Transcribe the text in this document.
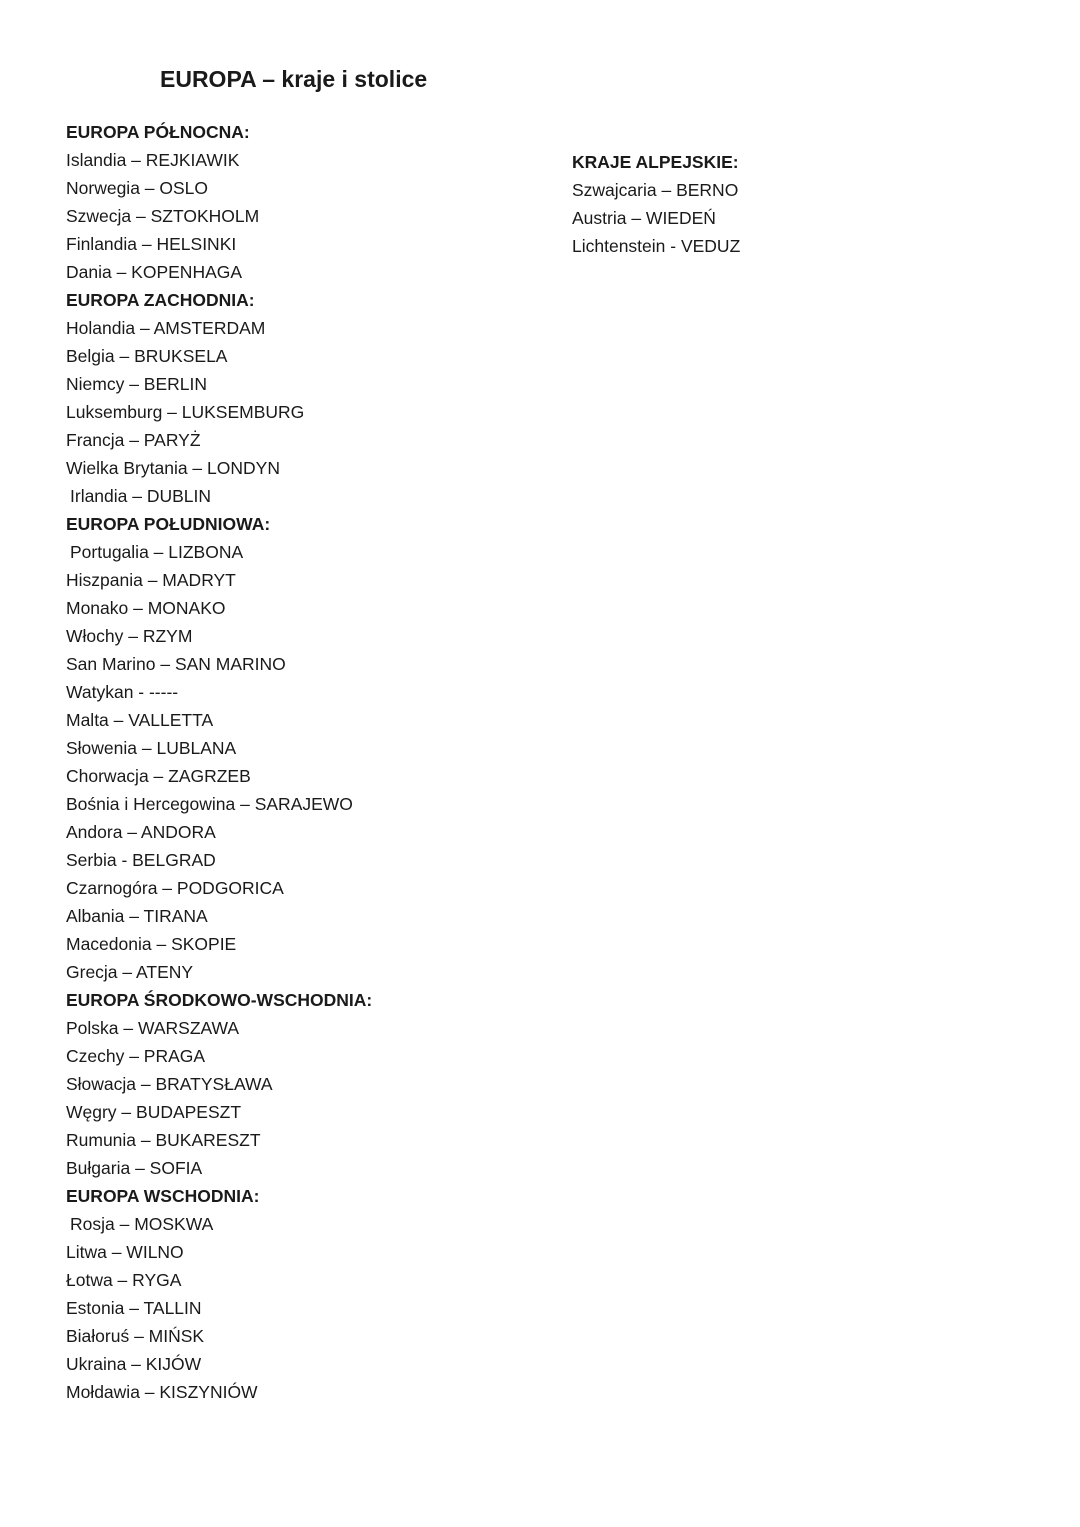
EUROPA – kraje i stolice
EUROPA PÓŁNOCNA:
Islandia – REJKIAWIK
Norwegia – OSLO
Szwecja – SZTOKHOLM
Finlandia – HELSINKI
Dania – KOPENHAGA
EUROPA ZACHODNIA:
Holandia – AMSTERDAM
Belgia – BRUKSELA
Niemcy – BERLIN
Luksemburg – LUKSEMBURG
Francja – PARYŻ
Wielka Brytania – LONDYN
Irlandia – DUBLIN
EUROPA POŁUDNIOWA:
Portugalia – LIZBONA
Hiszpania – MADRYT
Monako – MONAKO
Włochy – RZYM
San Marino – SAN MARINO
Watykan - -----
Malta – VALLETTA
Słowenia – LUBLANA
Chorwacja – ZAGRZEB
Bośnia i Hercegowina – SARAJEWO
Andora – ANDORA
Serbia - BELGRAD
Czarnogóra – PODGORICA
Albania – TIRANA
Macedonia – SKOPIE
Grecja – ATENY
EUROPA ŚRODKOWO-WSCHODNIA:
Polska – WARSZAWA
Czechy – PRAGA
Słowacja – BRATYSŁAWA
Węgry – BUDAPESZT
Rumunia – BUKARESZT
Bułgaria – SOFIA
EUROPA WSCHODNIA:
Rosja – MOSKWA
Litwa – WILNO
Łotwa – RYGA
Estonia – TALLIN
Białoruś – MIŃSK
Ukraina – KIJÓW
Mołdawia – KISZYNIÓW
KRAJE ALPEJSKIE:
Szwajcaria – BERNO
Austria – WIEDEŃ
Lichtenstein - VEDUZ
